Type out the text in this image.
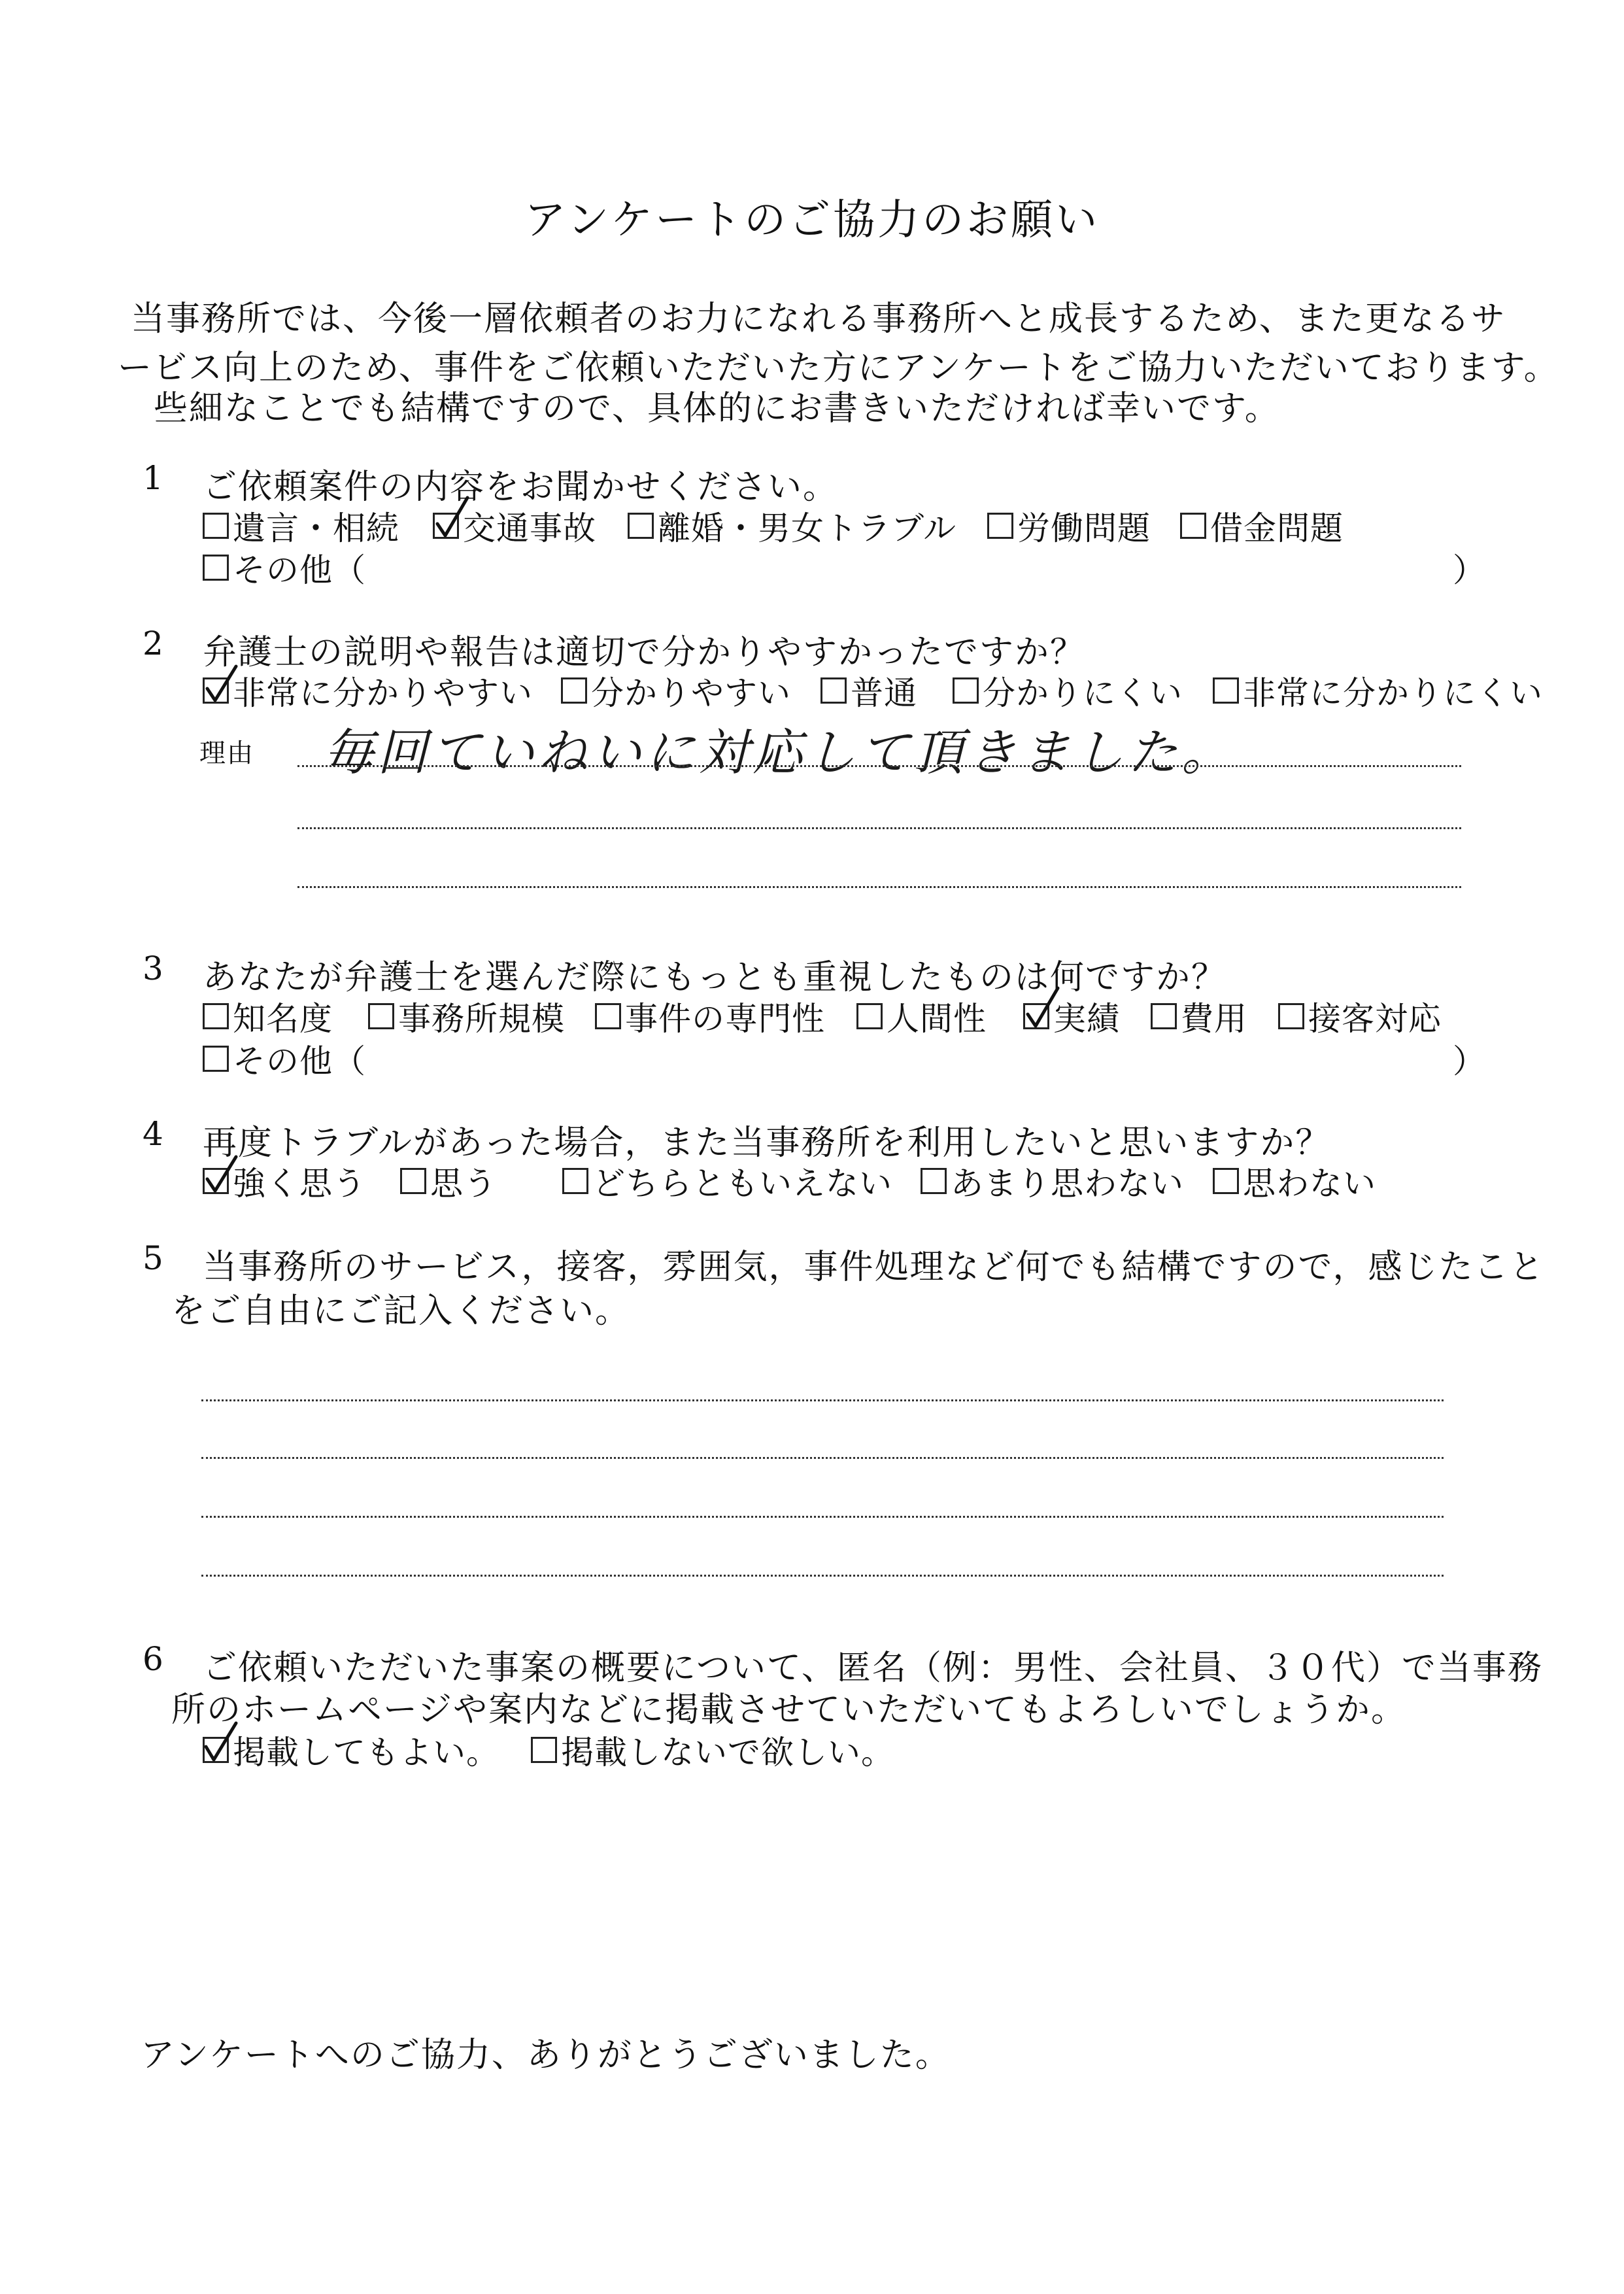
アンケートのご協力のお願い
当事務所では、今後一層依頼者のお力になれる事務所へと成長するため、また更なるサ
ービス向上のため、事件をご依頼いただいた方にアンケートをご協力いただいております。
些細なことでも結構ですので、具体的にお書きいただければ幸いです。
1 ご依頼案件の内容をお聞かせください。
遺言・相続 交通事故 離婚・男女トラブル 労働問題 借金問題
その他（	）
2 弁護士の説明や報告は適切で分かりやすかったですか？
非常に分かりやすい 分かりやすい 普通 分かりにくい 非常に分かりにくい
理由 毎回ていねいに対応して頂きました。
3 あなたが弁護士を選んだ際にもっとも重視したものは何ですか？
知名度 事務所規模 事件の専門性 人間性 実績 費用 接客対応
その他（	）
4 再度トラブルがあった場合，また当事務所を利用したいと思いますか？
強く思う 思う	どちらともいえない あまり思わない 思わない
5 当事務所のサービス，接客，雰囲気，事件処理など何でも結構ですので，感じたこと
をご自由にご記入ください。
6 ご依頼いただいた事案の概要について、匿名（例：男性、会社員、３０代）で当事務
所のホームページや案内などに掲載させていただいてもよろしいでしょうか。
掲載してもよい。 掲載しないで欲しい。
アンケートへのご協力、ありがとうございました。
